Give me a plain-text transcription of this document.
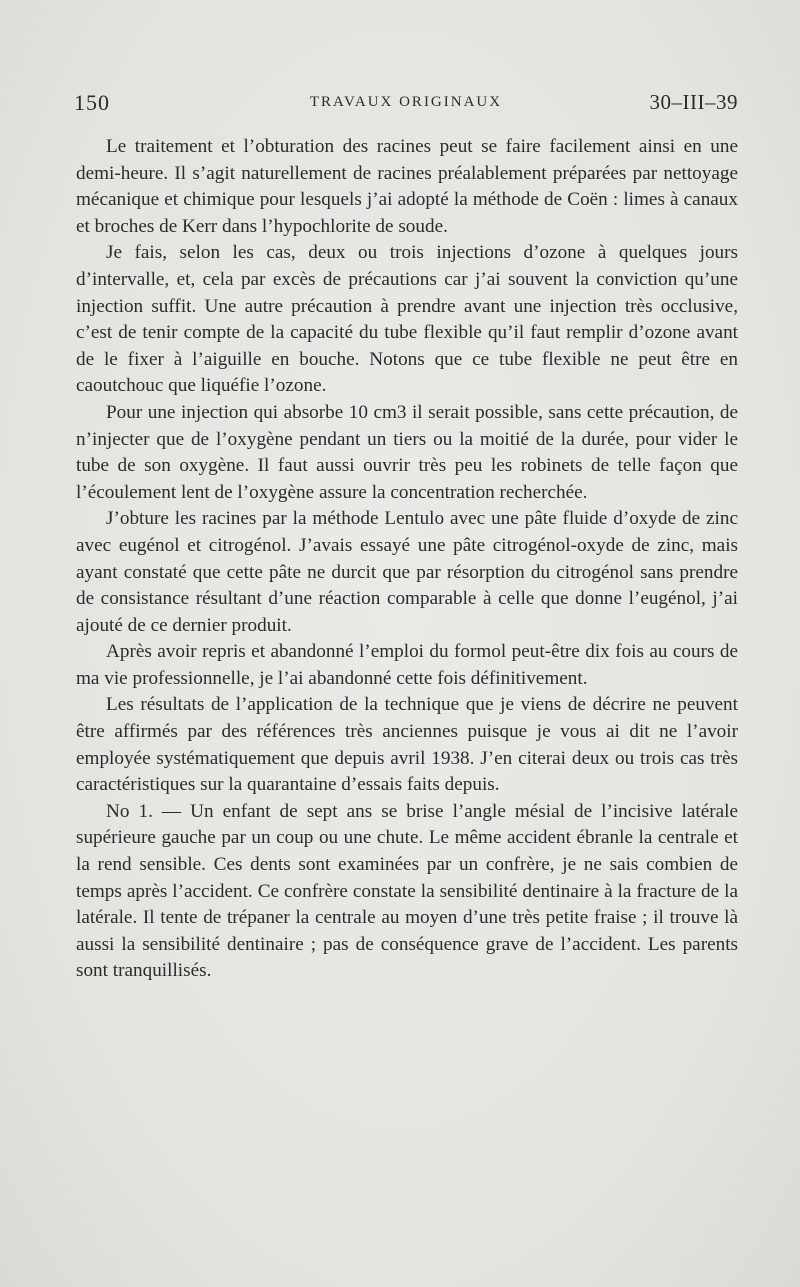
150	TRAVAUX ORIGINAUX	30–III–39

Le traitement et l’obturation des racines peut se faire facilement ainsi en une demi-heure. Il s’agit naturellement de racines préalablement préparées par nettoyage mécanique et chimique pour lesquels j’ai adopté la méthode de Coën : limes à canaux et broches de Kerr dans l’hypochlorite de soude.

Je fais, selon les cas, deux ou trois injections d’ozone à quelques jours d’intervalle, et, cela par excès de précautions car j’ai souvent la conviction qu’une injection suffit. Une autre précaution à prendre avant une injection très occlusive, c’est de tenir compte de la capacité du tube flexible qu’il faut remplir d’ozone avant de le fixer à l’aiguille en bouche. Notons que ce tube flexible ne peut être en caoutchouc que liquéfie l’ozone.

Pour une injection qui absorbe 10 cm3 il serait possible, sans cette précaution, de n’injecter que de l’oxygène pendant un tiers ou la moitié de la durée, pour vider le tube de son oxygène. Il faut aussi ouvrir très peu les robinets de telle façon que l’écoulement lent de l’oxygène assure la concentration recherchée.

J’obture les racines par la méthode Lentulo avec une pâte fluide d’oxyde de zinc avec eugénol et citrogénol. J’avais essayé une pâte citrogénol-oxyde de zinc, mais ayant constaté que cette pâte ne durcit que par résorption du citrogénol sans prendre de consistance résultant d’une réaction comparable à celle que donne l’eugénol, j’ai ajouté de ce dernier produit.

Après avoir repris et abandonné l’emploi du formol peut-être dix fois au cours de ma vie professionnelle, je l’ai abandonné cette fois définitivement.

Les résultats de l’application de la technique que je viens de décrire ne peuvent être affirmés par des références très anciennes puisque je vous ai dit ne l’avoir employée systématiquement que depuis avril 1938. J’en citerai deux ou trois cas très caractéristiques sur la quarantaine d’essais faits depuis.

No 1. — Un enfant de sept ans se brise l’angle mésial de l’incisive latérale supérieure gauche par un coup ou une chute. Le même accident ébranle la centrale et la rend sensible. Ces dents sont examinées par un confrère, je ne sais combien de temps après l’accident. Ce confrère constate la sensibilité dentinaire à la fracture de la latérale. Il tente de trépaner la centrale au moyen d’une très petite fraise ; il trouve là aussi la sensibilité dentinaire ; pas de conséquence grave de l’accident. Les parents sont tranquillisés.
